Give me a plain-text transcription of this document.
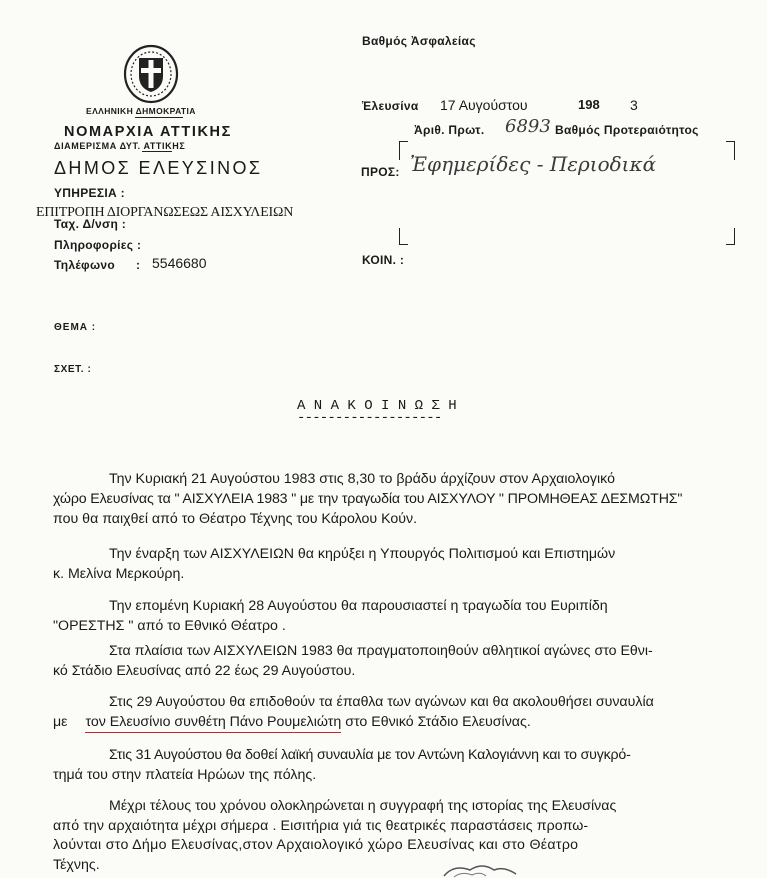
ΕΛΛΗΝΙΚΗ ΔΗΜΟΚΡΑΤΙΑ
ΝΟΜΑΡΧΙΑ ΑΤΤΙΚΗΣ
ΔΙΑΜΕΡΙΣΜΑ ΔΥΤ. ΑΤΤΙΚΗΣ
ΔΗΜΟΣ ΕΛΕΥΣΙΝΟΣ
ΥΠΗΡΕΣΙΑ :
ΕΠΙΤΡΟΠΗ ΔΙΟΡΓΑΝΩΣΕΩΣ ΑΙΣΧΥΛΕΙΩΝ
Ταχ. Δ/νση :
Πληροφορίες :
Τηλέφωνο : 5546680
Βαθμός Ἀσφαλείας
Ἐλευσίνα 17 Αυγούστου	198 3
Ἀριθ. Πρωτ. 6893 Βαθμός Προτεραιότητος
ΠΡΟΣ: Ἐφημερίδες - Περιοδικά
ΚΟΙΝ. :
ΘΕΜΑ :
ΣΧΕΤ. :
Α Ν Α Κ Ο Ι Ν Ω Σ Η
-------------------
Την Κυριακή 21 Αυγούστου 1983 στις 8,30 το βράδυ άρχίζουν στον Αρχαιολογικό
χώρο Ελευσίνας τα " ΑΙΣΧΥΛΕΙΑ 1983 " με την τραγωδία του ΑΙΣΧΥΛΟΥ " ΠΡΟΜΗΘΕΑΣ ΔΕΣΜΩΤΗΣ"
που θα παιχθεί από το Θέατρο Τέχνης του Κάρολου Κούν.
Την έναρξη των ΑΙΣΧΥΛΕΙΩΝ θα κηρύξει η Υπουργός Πολιτισμού και Επιστημών
κ. Μελίνα Μερκούρη.
Την επομένη Κυριακή 28 Αυγούστου θα παρουσιαστεί η τραγωδία του Ευριπίδη
"ΟΡΕΣΤΗΣ " από το Εθνικό Θέατρο .
Στα πλαίσια των ΑΙΣΧΥΛΕΙΩΝ 1983 θα πραγματοποιηθούν αθλητικοί αγώνες στο Εθνι-
κό Στάδιο Ελευσίνας από 22 έως 29 Αυγούστου.
Στις 29 Αυγούστου θα επιδοθούν τα έπαθλα των αγώνων και θα ακολουθήσει συναυλία
με τον Ελευσίνιο συνθέτη Πάνο Ρουμελιώτη στο Εθνικό Στάδιο Ελευσίνας.
Στις 31 Αυγούστου θα δοθεί λαϊκή συναυλία με τον Αντώνη Καλογιάννη και το συγκρό-
τημά του στην πλατεία Ηρώων της πόλης.
Μέχρι τέλους του χρόνου ολοκληρώνεται η συγγραφή της ιστορίας της Ελευσίνας
από την αρχαιότητα μέχρι σήμερα . Εισιτήρια γιά τις θεατρικές παραστάσεις προπω-
λούνται στο Δήμο Ελευσίνας,στον Αρχαιολογικό χώρο Ελευσίνας και στο Θέατρο
Τέχνης.
